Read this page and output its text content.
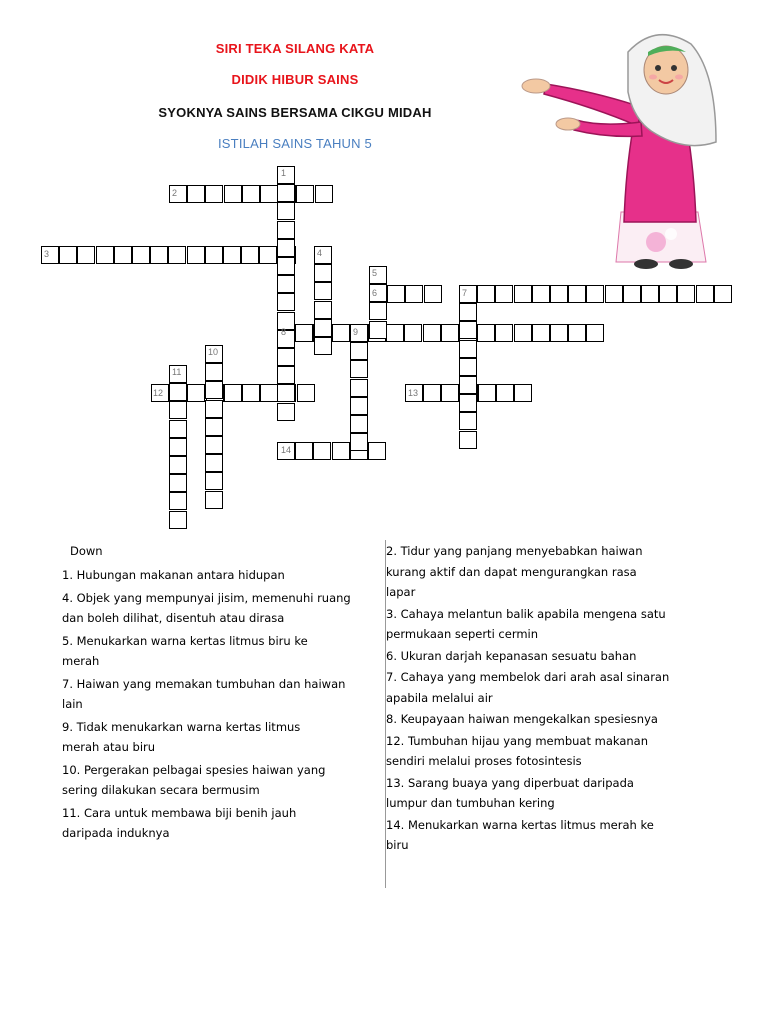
SIRI TEKA SILANG KATA
DIDIK HIBUR SAINS
SYOKNYA SAINS BERSAMA CIKGU MIDAH
ISTILAH SAINS TAHUN 5
1
2
3	4
5
6	7
8	9
10
11
12	13
14
Down
1. Hubungan makanan antara hidupan
4. Objek yang mempunyai jisim, memenuhi ruang
dan boleh dilihat, disentuh atau dirasa
5. Menukarkan warna kertas litmus biru ke
merah
7. Haiwan yang memakan tumbuhan dan haiwan
lain
9. Tidak menukarkan warna kertas litmus
merah atau biru
10. Pergerakan pelbagai spesies haiwan yang
sering dilakukan secara bermusim
11. Cara untuk membawa biji benih jauh
daripada induknya
2. Tidur yang panjang menyebabkan haiwan
kurang aktif dan dapat mengurangkan rasa
lapar
3. Cahaya melantun balik apabila mengena satu
permukaan seperti cermin
6. Ukuran darjah kepanasan sesuatu bahan
7. Cahaya yang membelok dari arah asal sinaran
apabila melalui air
8. Keupayaan haiwan mengekalkan spesiesnya
12. Tumbuhan hijau yang membuat makanan
sendiri melalui proses fotosintesis
13. Sarang buaya yang diperbuat daripada
lumpur dan tumbuhan kering
14. Menukarkan warna kertas litmus merah ke
biru
